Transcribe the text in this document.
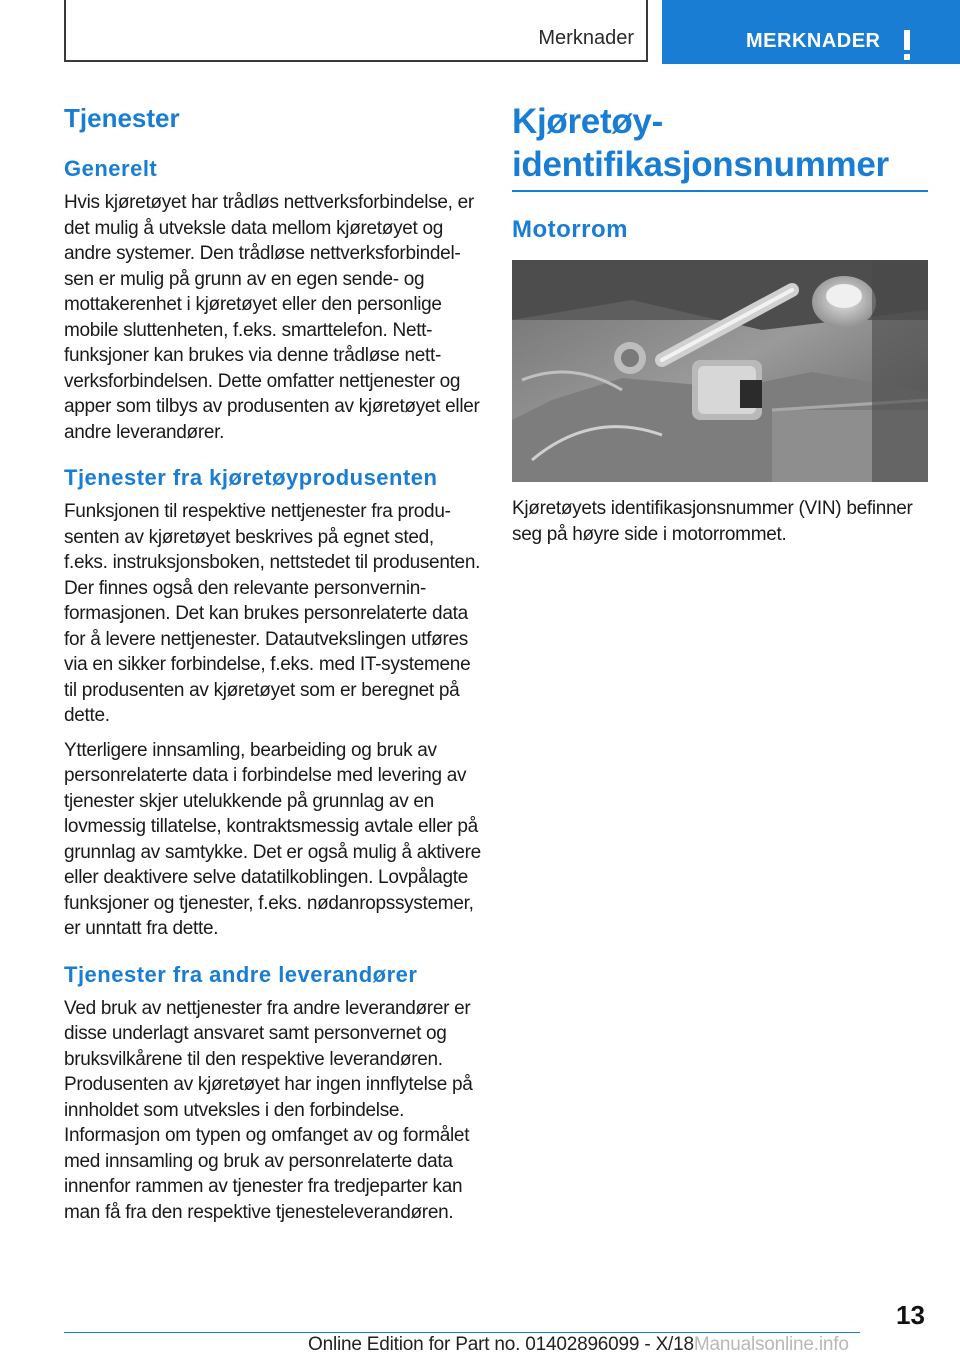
Merknader	MERKNADER
Tjenester
Generelt

Hvis kjøretøyet har trådløs nettverksforbindelse, er det mulig å utveksle data mellom kjøretøyet og andre systemer. Den trådløse nettverksforbindelsen er mulig på grunn av en egen sende- og mottakerenhet i kjøretøyet eller den personlige mobile sluttenheten, f.eks. smarttelefon. Nettfunksjoner kan brukes via denne trådløse nettverksforbindelsen. Dette omfatter nettjenester og apper som tilbys av produsenten av kjøretøyet eller andre leverandører.

Tjenester fra kjøretøyprodusenten

Funksjonen til respektive nettjenester fra produsenten av kjøretøyet beskrives på egnet sted, f.eks. instruksjonsboken, nettstedet til produsenten. Der finnes også den relevante personverninformasjonen. Det kan brukes personrelaterte data for å levere nettjenester. Datautvekslingen utføres via en sikker forbindelse, f.eks. med IT-systemene til produsenten av kjøretøyet som er beregnet på dette.

Ytterligere innsamling, bearbeiding og bruk av personrelaterte data i forbindelse med levering av tjenester skjer utelukkende på grunnlag av en lovmessig tillatelse, kontraktsmessig avtale eller på grunnlag av samtykke. Det er også mulig å aktivere eller deaktivere selve datatilkoblingen. Lovpålagte funksjoner og tjenester, f.eks. nødanropssystemer, er unntatt fra dette.

Tjenester fra andre leverandører

Ved bruk av nettjenester fra andre leverandører er disse underlagt ansvaret samt personvernet og bruksvilkårene til den respektive leverandøren. Produsenten av kjøretøyet har ingen innflytelse på innholdet som utveksles i den forbindelse. Informasjon om typen og omfanget av og formålet med innsamling og bruk av personrelaterte data innenfor rammen av tjenester fra tredjeparter kan man få fra den respektive tjenesteleverandøren.

Kjøretøy-
identifikasjonsnummer
Motorrom

Kjøretøyets identifikasjonsnummer (VIN) befinner seg på høyre side i motorrommet.

13
Online Edition for Part no. 01402896099 - X/18Manualsonline.info
